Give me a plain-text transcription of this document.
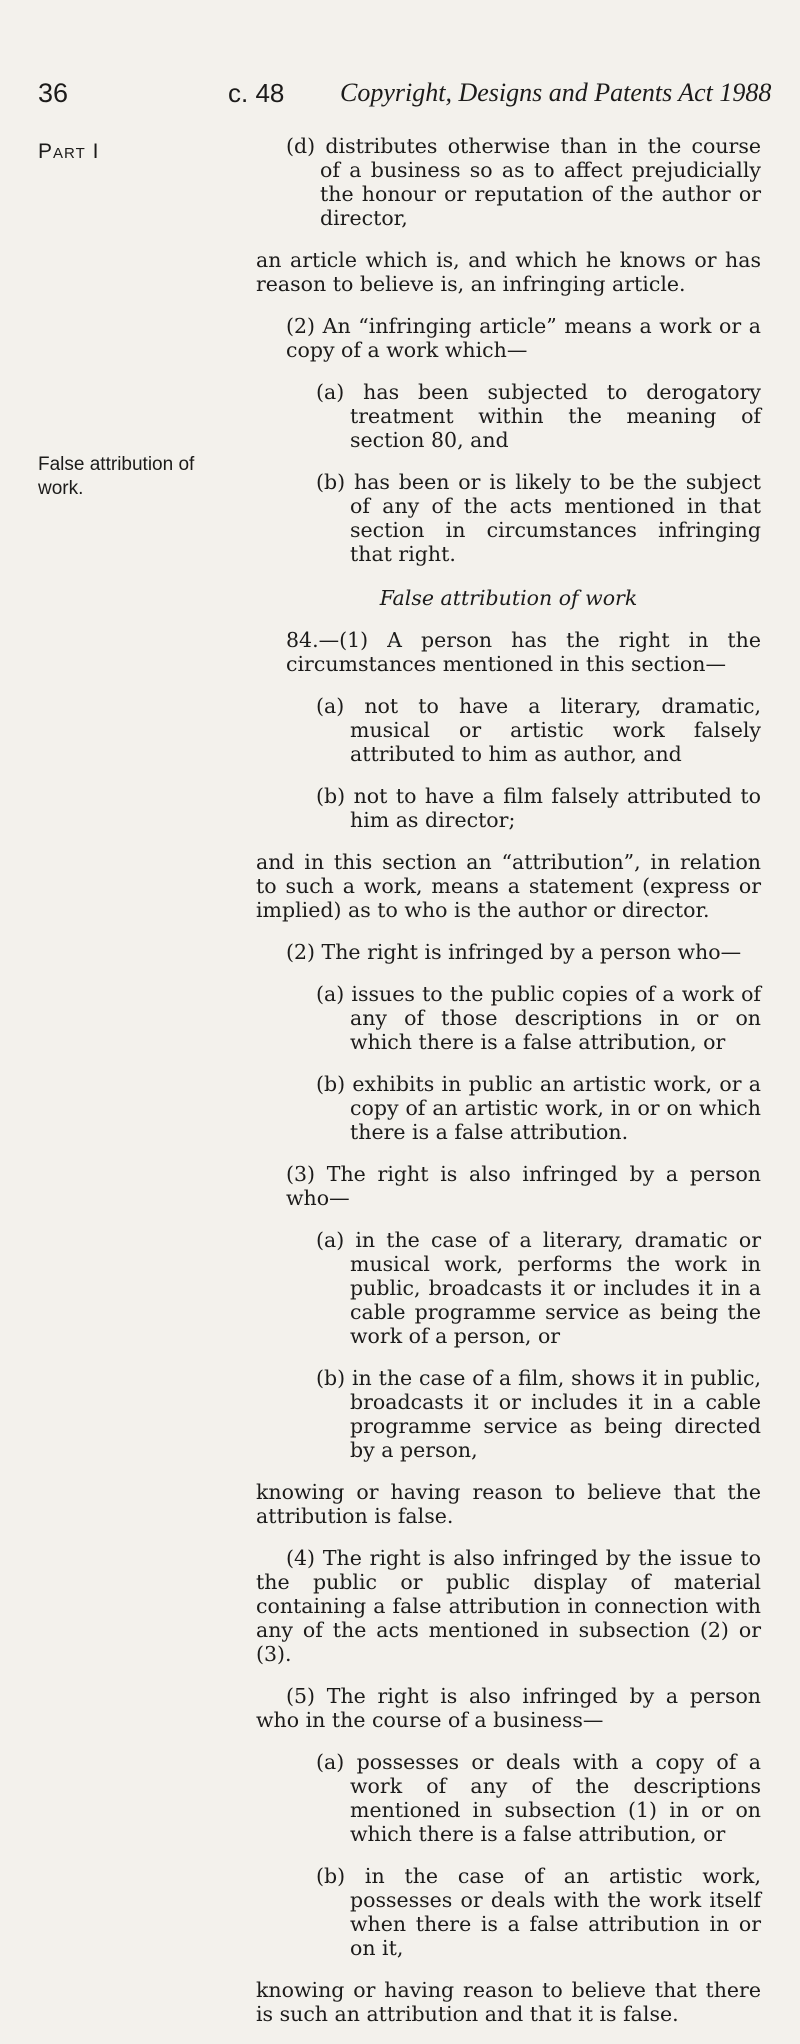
36	c. 48 Copyright, Designs and Patents Act 1988
Part I
False attribution of work.

(d) distributes otherwise than in the course of a business so as to affect prejudicially the honour or reputation of the author or director,

an article which is, and which he knows or has reason to believe is, an infringing article.

(2) An “infringing article” means a work or a copy of a work which—

(a) has been subjected to derogatory treatment within the meaning of section 80, and

(b) has been or is likely to be the subject of any of the acts mentioned in that section in circumstances infringing that right.

False attribution of work

84.—(1) A person has the right in the circumstances mentioned in this section—

(a) not to have a literary, dramatic, musical or artistic work falsely attributed to him as author, and

(b) not to have a film falsely attributed to him as director;

and in this section an “attribution”, in relation to such a work, means a statement (express or implied) as to who is the author or director.

(2) The right is infringed by a person who—

(a) issues to the public copies of a work of any of those descriptions in or on which there is a false attribution, or

(b) exhibits in public an artistic work, or a copy of an artistic work, in or on which there is a false attribution.

(3) The right is also infringed by a person who—

(a) in the case of a literary, dramatic or musical work, performs the work in public, broadcasts it or includes it in a cable programme service as being the work of a person, or

(b) in the case of a film, shows it in public, broadcasts it or includes it in a cable programme service as being directed by a person,

knowing or having reason to believe that the attribution is false.

(4) The right is also infringed by the issue to the public or public display of material containing a false attribution in connection with any of the acts mentioned in subsection (2) or (3).

(5) The right is also infringed by a person who in the course of a business—

(a) possesses or deals with a copy of a work of any of the descriptions mentioned in subsection (1) in or on which there is a false attribution, or

(b) in the case of an artistic work, possesses or deals with the work itself when there is a false attribution in or on it,

knowing or having reason to believe that there is such an attribution and that it is false.
